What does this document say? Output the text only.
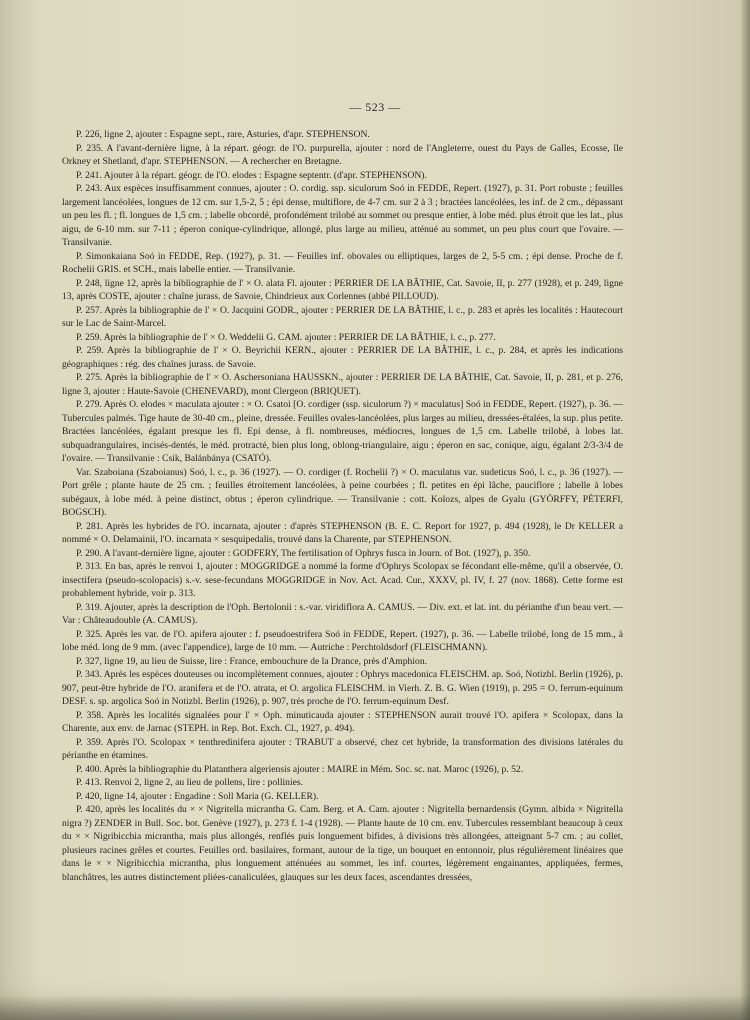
— 523 —

P. 226, ligne 2, ajouter : Espagne sept., rare, Asturies, d'apr. STEPHENSON.

P. 235. A l'avant-dernière ligne, à la répart. géogr. de l'O. purpurella, ajouter : nord de l'Angleterre, ouest du Pays de Galles, Ecosse, île Orkney et Shetland, d'apr. STEPHENSON. — A rechercher en Bretagne.

P. 241. Ajouter à la répart. géogr. de l'O. elodes : Espagne septentr. (d'apr. STEPHENSON).

P. 243. Aux espèces insuffisamment connues, ajouter : O. cordig. ssp. siculorum Soó in FEDDE, Repert. (1927), p. 31. Port robuste ; feuilles largement lancéolées, longues de 12 cm. sur 1,5-2, 5 ; épi dense, multiflore, de 4-7 cm. sur 2 à 3 ; bractées lancéolées, les inf. de 2 cm., dépassant un peu les fl. ; fl. longues de 1,5 cm. ; labelle obcordé, profondément trilobé au sommet ou presque entier, à lobe méd. plus étroit que les lat., plus aigu, de 6-10 mm. sur 7-11 ; éperon conique-cylindrique, allongé, plus large au milieu, atténué au sommet, un peu plus court que l'ovaire. — Transilvanie.

P. Simonkaiana Soó in FEDDE, Rep. (1927), p. 31. — Feuilles inf. obovales ou elliptiques, larges de 2, 5-5 cm. ; épi dense. Proche de f. Rochelii GRIS. et SCH., mais labelle entier. — Transilvanie.

P. 248, ligne 12, après la bibliographie de l' × O. alata Fl. ajouter : PERRIER DE LA BÂTHIE, Cat. Savoie, II, p. 277 (1928), et p. 249, ligne 13, après COSTE, ajouter : chaîne jurass. de Savoie, Chindrieux aux Corlennes (abbé PILLOUD).

P. 257. Après la bibliographie de l' × O. Jacquini GODR., ajouter : PERRIER DE LA BÂTHIE, l. c., p. 283 et après les localités : Hautecourt sur le Lac de Saint-Marcel.

P. 259. Après la bibliographie de l' × O. Weddelii G. CAM. ajouter : PERRIER DE LA BÂTHIE, l. c., p. 277.

P. 259. Après la bibliographie de l' × O. Beyrichii KERN., ajouter : PERRIER DE LA BÂTHIE, l. c., p. 284, et après les indications géographiques : rég. des chaînes jurass. de Savoie.

P. 275. Après la bibliographie de l' × O. Aschersoniana HAUSSKN., ajouter : PERRIER DE LA BÂTHIE, Cat. Savoie, II, p. 281, et p. 276, ligne 3, ajouter : Haute-Savoie (CHENEVARD), mont Clergeon (BRIQUET).

P. 279. Après O. elodes × maculata ajouter : × O. Csatoi [O. cordiger (ssp. siculorum ?) × maculatus] Soó in FEDDE, Repert. (1927), p. 36. — Tubercules palmés. Tige haute de 30-40 cm., pleine, dressée. Feuilles ovales-lancéolées, plus larges au milieu, dressées-étalées, la sup. plus petite. Bractées lancéolées, égalant presque les fl. Epi dense, à fl. nombreuses, médiocres, longues de 1,5 cm. Labelle trilobé, à lobes lat. subquadrangulaires, incisés-dentés, le méd. protracté, bien plus long, oblong-triangulaire, aigu ; éperon en sac, conique, aigu, égalant 2/3-3/4 de l'ovaire. — Transilvanie : Csik, Balánbánya (CSATÓ).

Var. Szaboiana (Szaboianus) Soó, l. c., p. 36 (1927). — O. cordiger (f. Rochelii ?) × O. maculatus var. sudeticus Soó, l. c., p. 36 (1927). — Port grêle ; plante haute de 25 cm. ; feuilles étroitement lancéolées, à peine courbées ; fl. petites en épi lâche, pauciflore ; labelle à lobes subégaux, à lobe méd. à peine distinct, obtus ; éperon cylindrique. — Transilvanie : cott. Kolozs, alpes de Gyalu (GYÖRFFY, PÉTERFI, BOGSCH).

P. 281. Après les hybrides de l'O. incarnata, ajouter : d'après STEPHENSON (B. E. C. Report for 1927, p. 494 (1928), le Dr KELLER a nommé × O. Delamainii, l'O. incarnata × sesquipedalis, trouvé dans la Charente, par STEPHENSON.

P. 290. A l'avant-dernière ligne, ajouter : GODFERY, The fertilisation of Ophrys fusca in Journ. of Bot. (1927), p. 350.

P. 313. En bas, après le renvoi 1, ajouter : MOGGRIDGE a nommé la forme d'Ophrys Scolopax se fécondant elle-même, qu'il a observée, O. insectifera (pseudo-scolopacis) s.-v. sese-fecundans MOGGRIDGE in Nov. Act. Acad. Cur., XXXV, pl. IV, f. 27 (nov. 1868). Cette forme est probablement hybride, voir p. 313.

P. 319. Ajouter, après la description de l'Oph. Bertolonii : s.-var. viridiflora A. CAMUS. — Div. ext. et lat. int. du périanthe d'un beau vert. — Var : Châteaudouble (A. CAMUS).

P. 325. Après les var. de l'O. apifera ajouter : f. pseudoestrifera Soó in FEDDE, Repert. (1927), p. 36. — Labelle trilobé, long de 15 mm., à lobe méd. long de 9 mm. (avec l'appendice), large de 10 mm. — Autriche : Perchtoldsdorf (FLEISCHMANN).

P. 327, ligne 19, au lieu de Suisse, lire : France, embouchure de la Drance, près d'Amphion.

P. 343. Après les espèces douteuses ou incomplètement connues, ajouter : Ophrys macedonica FLEISCHM. ap. Soó, Notizbl. Berlin (1926), p. 907, peut-être hybride de l'O. aranifera et de l'O. atrata, et O. argolica FLEISCHM. in Vierh. Z. B. G. Wien (1919), p. 295 = O. ferrum-equinum DESF. s. sp. argolica Soó in Notizbl. Berlin (1926), p. 907, très proche de l'O. ferrum-equinum Desf.

P. 358. Après les localités signalées pour l' × Oph. minuticauda ajouter : STEPHENSON aurait trouvé l'O. apifera × Scolopax, dans la Charente, aux env. de Jarnac (STEPH. in Rep. Bot. Exch. Cl., 1927, p. 494).

P. 359. Après l'O. Scolopax × tenthredinifera ajouter : TRABUT a observé, chez cet hybride, la transformation des divisions latérales du périanthe en étamines.

P. 400. Après la bibliographie du Platanthera algeriensis ajouter : MAIRE in Mém. Soc. sc. nat. Maroc (1926), p. 52.

P. 413. Renvoi 2, ligne 2, au lieu de pollens, lire : pollinies.

P. 420, ligne 14, ajouter : Engadine : Soll Maria (G. KELLER).

P. 420, après les localités du × × Nigritella micrantha G. Cam. Berg. et A. Cam. ajouter : Nigritella bernardensis (Gymn. albida × Nigritella nigra ?) ZENDER in Bull. Soc. bot. Genève (1927), p. 273 f. 1-4 (1928). — Plante haute de 10 cm. env. Tubercules ressemblant beaucoup à ceux du × × Nigribicchia micrantha, mais plus allongés, renflés puis longuement bifides, à divisions très allongées, atteignant 5-7 cm. ; au collet, plusieurs racines grêles et courtes. Feuilles ord. basilaires, formant, autour de la tige, un bouquet en entonnoir, plus régulièrement linéaires que dans le × × Nigribicchia micrantha, plus longuement atténuées au sommet, les inf. courtes, légèrement engainantes, appliquées, fermes, blanchâtres, les autres distinctement pliées-canaliculées, glauques sur les deux faces, ascendantes dressées,
